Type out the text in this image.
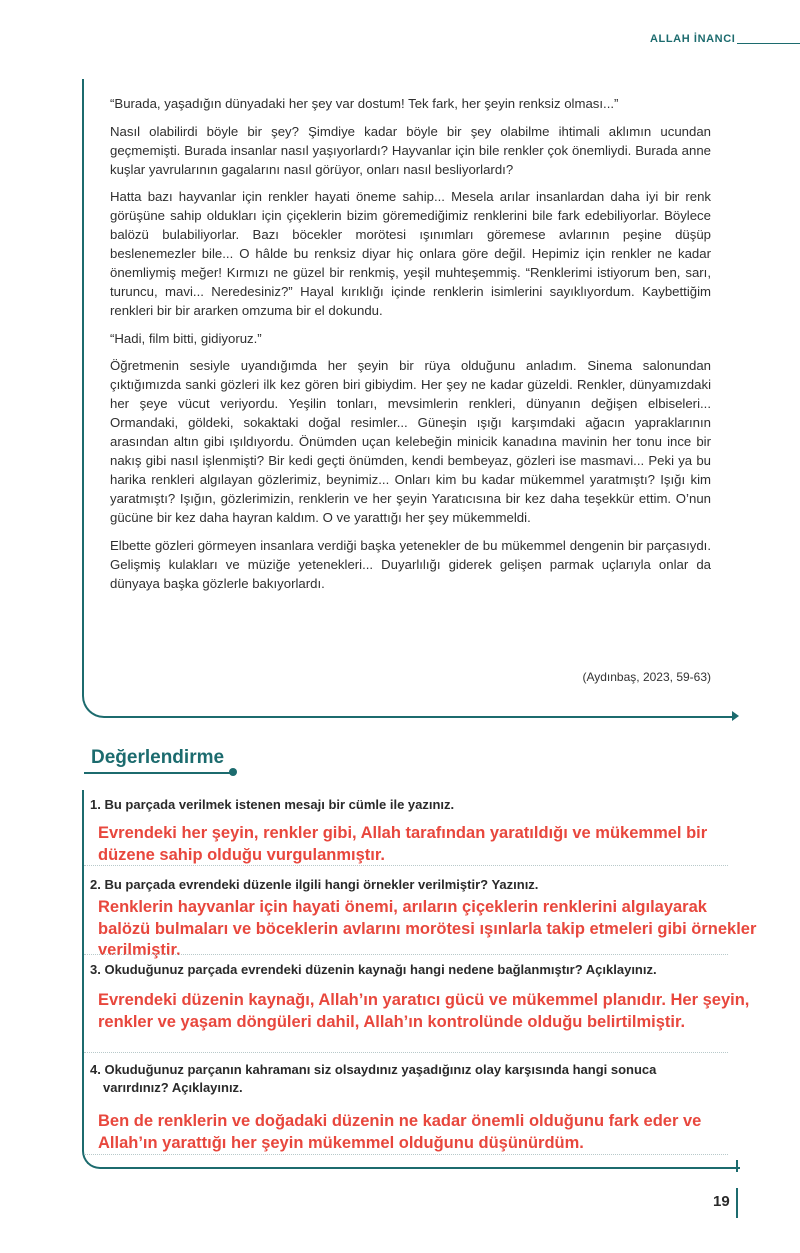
ALLAH İNANCI

“Burada, yaşadığın dünyadaki her şey var dostum! Tek fark, her şeyin renksiz olması...”

Nasıl olabilirdi böyle bir şey? Şimdiye kadar böyle bir şey olabilme ihtimali aklımın ucundan geçmemişti. Burada insanlar nasıl yaşıyorlardı? Hayvanlar için bile renkler çok önemliydi. Burada anne kuşlar yavrularının gagalarını nasıl görüyor, onları nasıl besliyorlardı?

Hatta bazı hayvanlar için renkler hayati öneme sahip... Mesela arılar insanlardan daha iyi bir renk görüşüne sahip oldukları için çiçeklerin bizim göremediğimiz renklerini bile fark edebiliyorlar. Böylece balözü bulabiliyorlar. Bazı böcekler morötesi ışınımları göremese avlarının peşine düşüp beslenemezler bile... O hâlde bu renksiz diyar hiç onlara göre değil. Hepimiz için renkler ne kadar önemliymiş meğer! Kırmızı ne güzel bir renkmiş, yeşil muhteşemmiş. “Renklerimi istiyorum ben, sarı, turuncu, mavi... Neredesiniz?” Hayal kırıklığı içinde renklerin isimlerini sayıklıyordum. Kaybettiğim renkleri bir bir ararken omzuma bir el dokundu.

“Hadi, film bitti, gidiyoruz.”

Öğretmenin sesiyle uyandığımda her şeyin bir rüya olduğunu anladım. Sinema salonundan çıktığımızda sanki gözleri ilk kez gören biri gibiydim. Her şey ne kadar güzeldi. Renkler, dünyamızdaki her şeye vücut veriyordu. Yeşilin tonları, mevsimlerin renkleri, dünyanın değişen elbiseleri... Ormandaki, göldeki, sokaktaki doğal resimler... Güneşin ışığı karşımdaki ağacın yapraklarının arasından altın gibi ışıldıyordu. Önümden uçan kelebeğin minicik kanadına mavinin her tonu ince bir nakış gibi nasıl işlenmişti? Bir kedi geçti önümden, kendi bembeyaz, gözleri ise masmavi... Peki ya bu harika renkleri algılayan gözlerimiz, beynimiz... Onları kim bu kadar mükemmel yaratmıştı? Işığı kim yaratmıştı? Işığın, gözlerimizin, renklerin ve her şeyin Yaratıcısına bir kez daha teşekkür ettim. O’nun gücüne bir kez daha hayran kaldım. O ve yarattığı her şey mükemmeldi.

Elbette gözleri görmeyen insanlara verdiği başka yetenekler de bu mükemmel dengenin bir parçasıydı. Gelişmiş kulakları ve müziğe yetenekleri... Duyarlılığı giderek gelişen parmak uçlarıyla onlar da dünyaya başka gözlerle bakıyorlardı.

(Aydınbaş, 2023, 59-63)
Değerlendirme
1. Bu parçada verilmek istenen mesajı bir cümle ile yazınız.
Evrendeki her şeyin, renkler gibi, Allah tarafından yaratıldığı ve mükemmel bir düzene sahip olduğu vurgulanmıştır.
2. Bu parçada evrendeki düzenle ilgili hangi örnekler verilmiştir? Yazınız.
Renklerin hayvanlar için hayati önemi, arıların çiçeklerin renklerini algılayarak balözü bulmaları ve böceklerin avlarını morötesi ışınlarla takip etmeleri gibi örnekler verilmiştir.
3. Okuduğunuz parçada evrendeki düzenin kaynağı hangi nedene bağlanmıştır? Açıklayınız.
Evrendeki düzenin kaynağı, Allah’ın yaratıcı gücü ve mükemmel planıdır. Her şeyin, renkler ve yaşam döngüleri dahil, Allah’ın kontrolünde olduğu belirtilmiştir.
4. Okuduğunuz parçanın kahramanı siz olsaydınız yaşadığınız olay karşısında hangi sonuca
varırdınız? Açıklayınız.
Ben de renklerin ve doğadaki düzenin ne kadar önemli olduğunu fark eder ve Allah’ın yarattığı her şeyin mükemmel olduğunu düşünürdüm.
19
